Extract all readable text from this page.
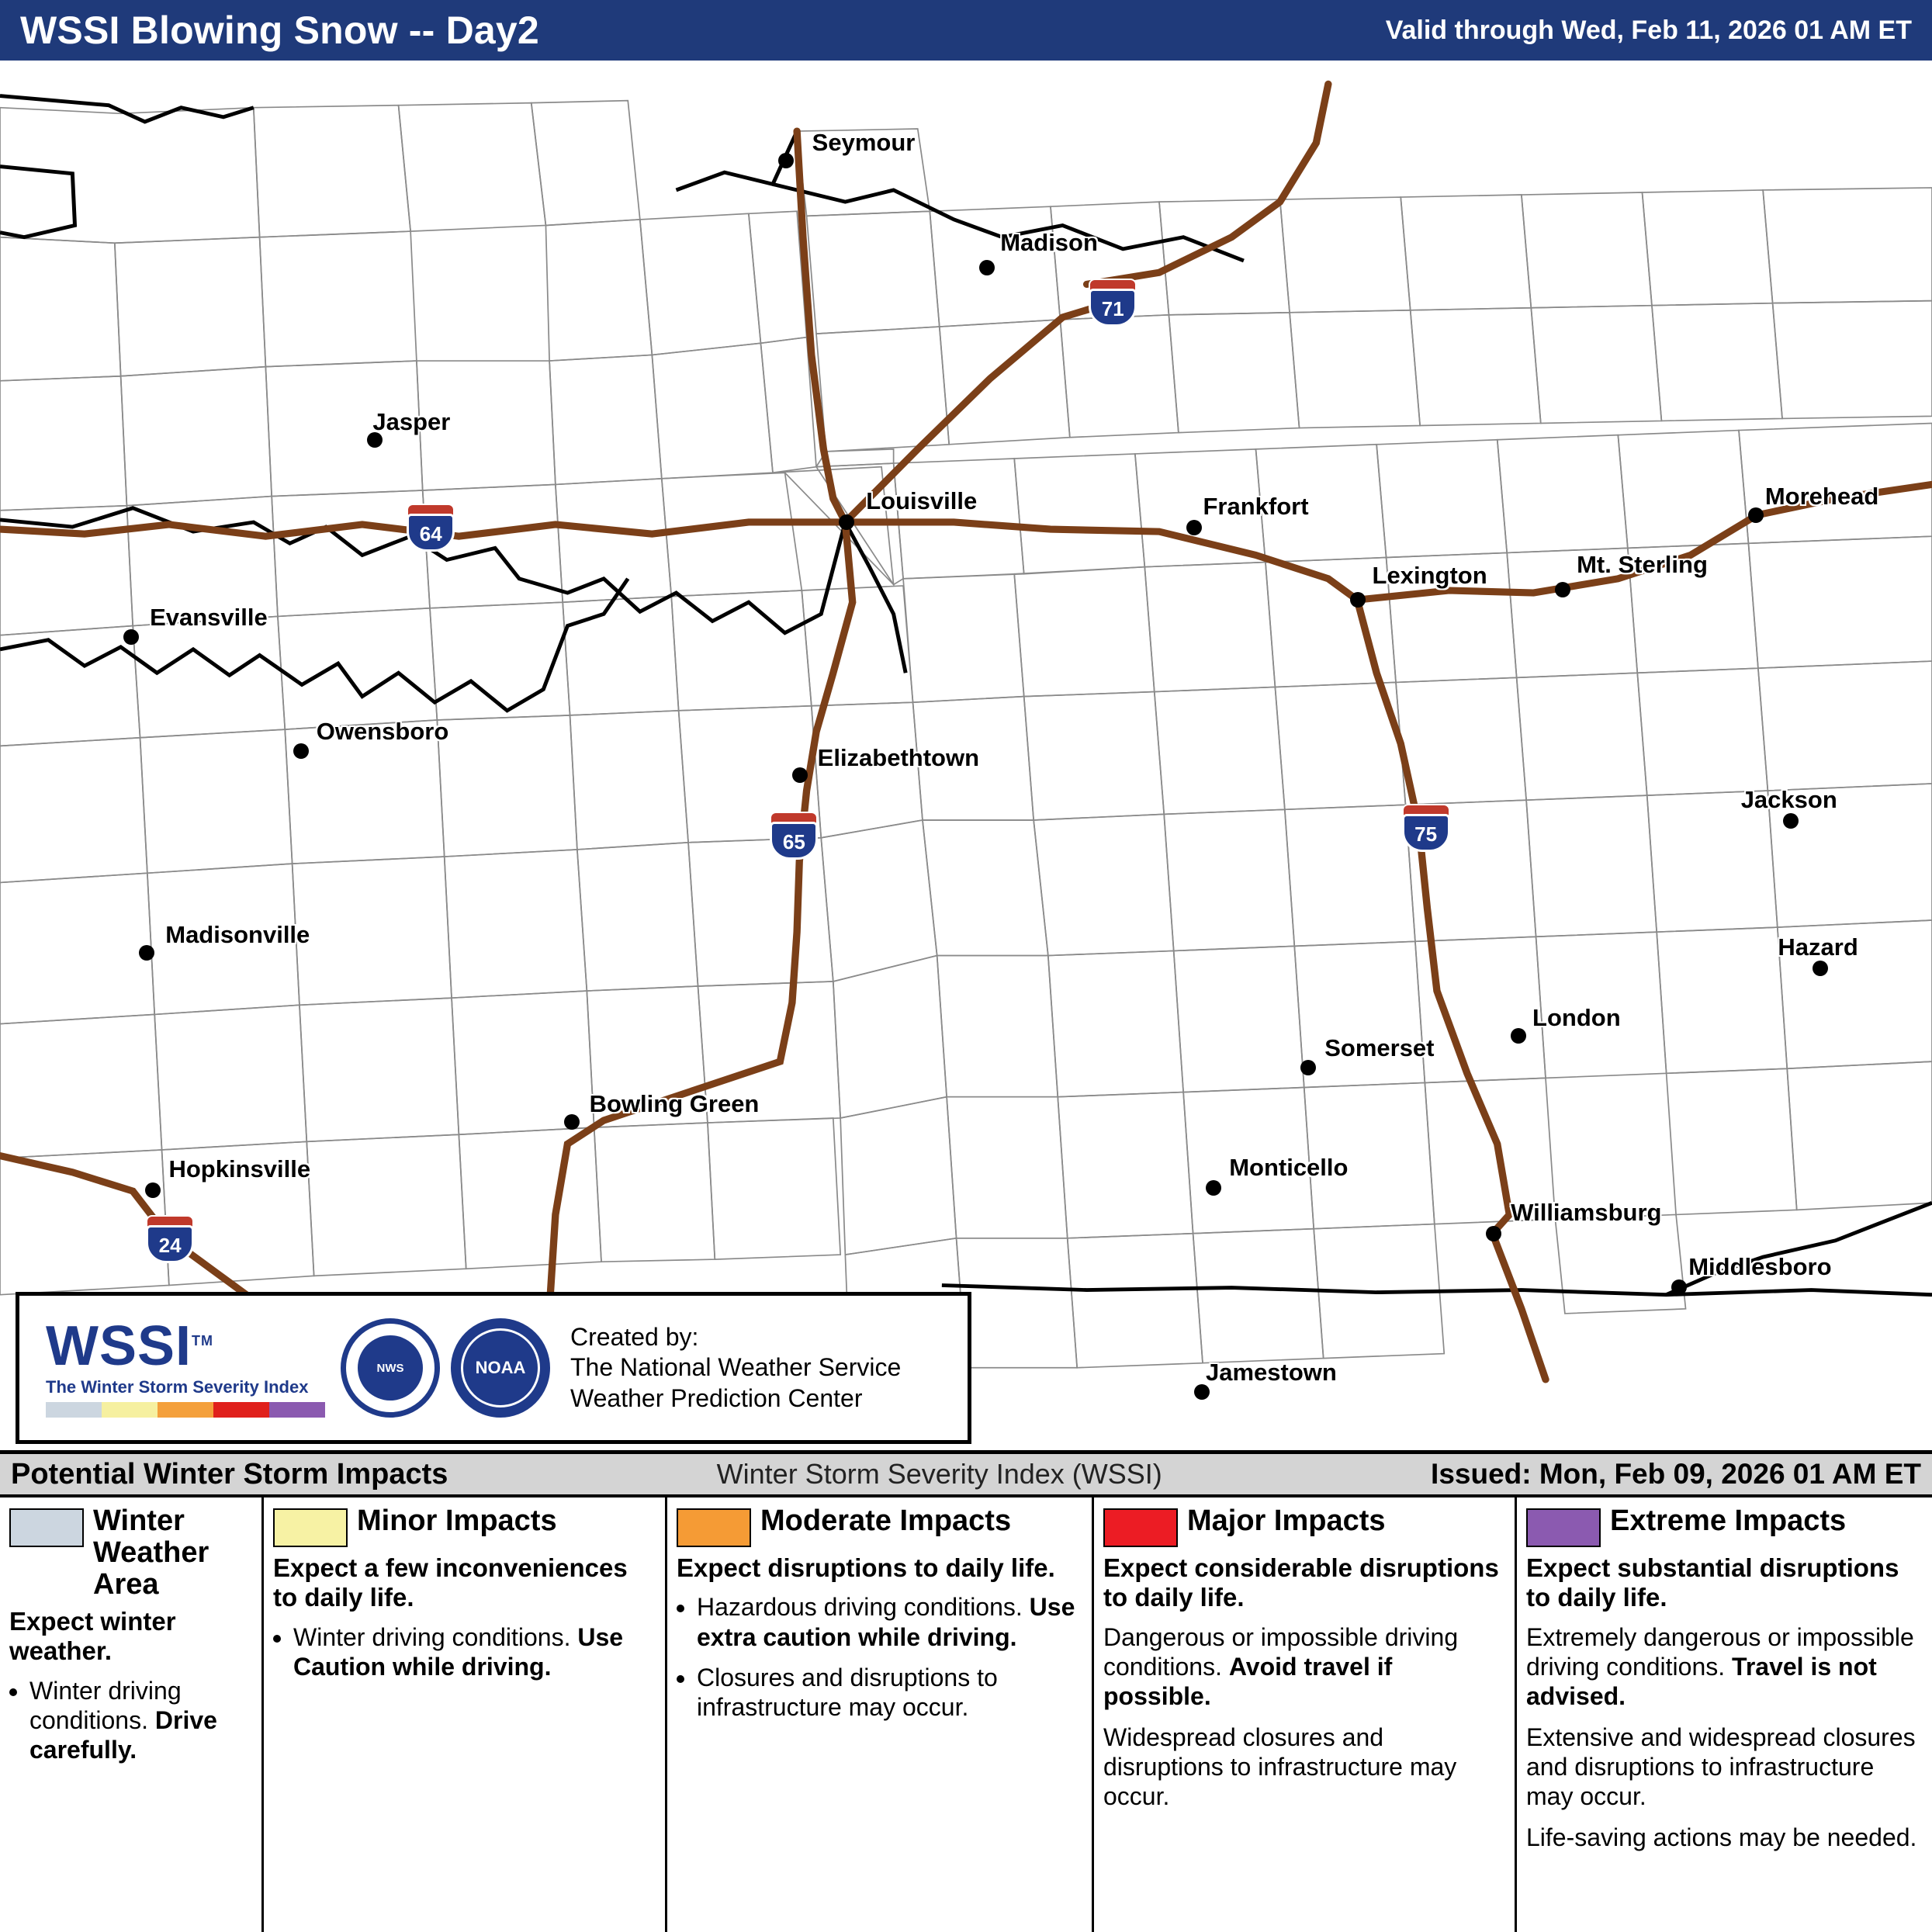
WSSI Blowing Snow -- Day2	Valid through Wed, Feb 11, 2026 01 AM ET
Seymour
Madison
Jasper
Louisville	Frankfort	Morehead
Lexington	Mt. Sterling
Evansville
Owensboro
Elizabethtown
Jackson
Hazard
Madisonville
London
Somerset
Bowling Green
Monticello
Hopkinsville
Williamsburg
Middlesboro
Jamestown
71
64
65	75
24
WSSI™
The Winter Storm Severity Index
NWS	NOAA
Created by:
The National Weather Service
Weather Prediction Center
Potential Winter Storm Impacts	Winter Storm Severity Index (WSSI)	Issued: Mon, Feb 09, 2026 01 AM ET
Winter Weather Area
Expect winter weather.
• Winter driving conditions. Drive carefully.
Minor Impacts
Expect a few inconveniences to daily life.
• Winter driving conditions. Use Caution while driving.
Moderate Impacts
Expect disruptions to daily life.
• Hazardous driving conditions. Use extra caution while driving.
• Closures and disruptions to infrastructure may occur.
Major Impacts
Expect considerable disruptions to daily life.

Dangerous or impossible driving conditions. Avoid travel if possible.

Widespread closures and disruptions to infrastructure may occur.

Extreme Impacts
Expect substantial disruptions to daily life.

Extremely dangerous or impossible driving conditions. Travel is not advised.

Extensive and widespread closures and disruptions to infrastructure may occur.

Life-saving actions may be needed.
